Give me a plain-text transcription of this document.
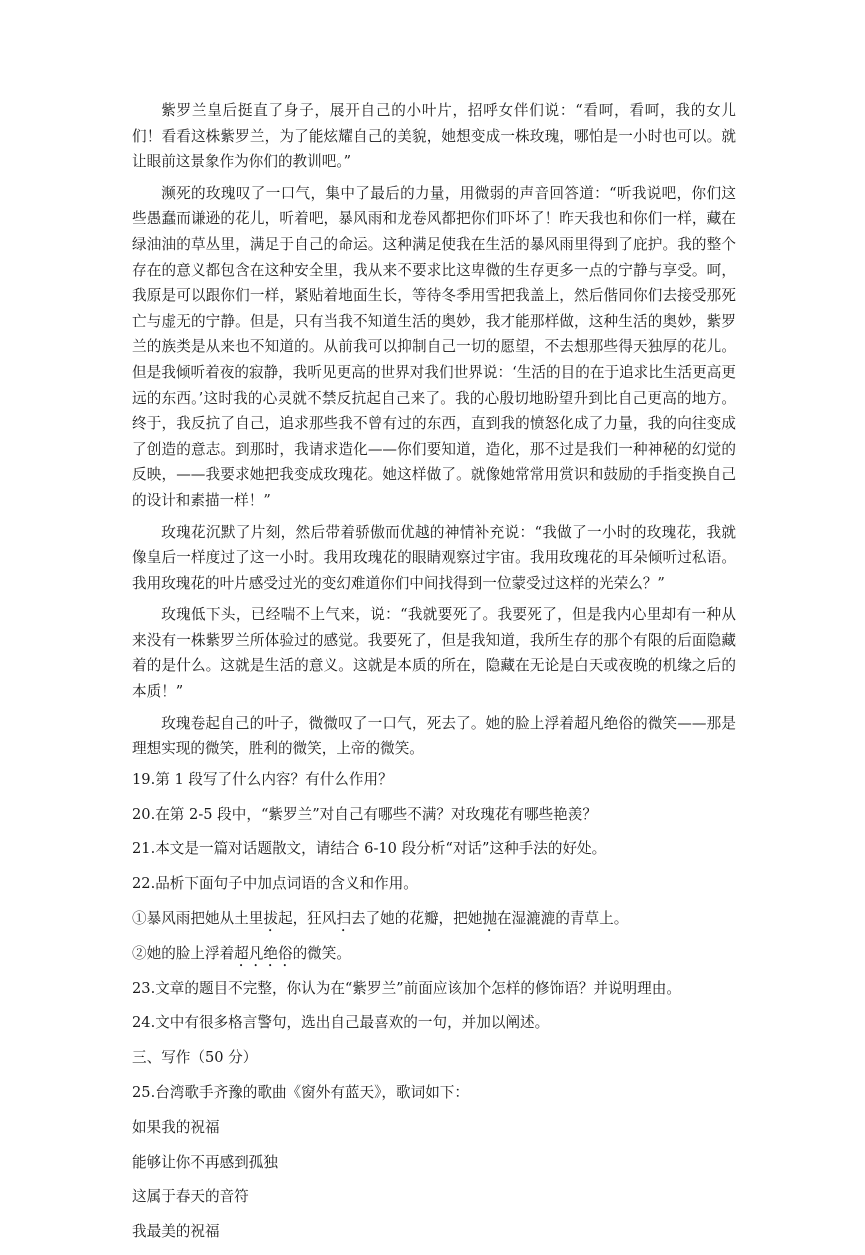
紫罗兰皇后挺直了身子，展开自己的小叶片，招呼女伴们说：“看呵，看呵，我的女儿们！看看这株紫罗兰，为了能炫耀自己的美貌，她想变成一株玫瑰，哪怕是一小时也可以。就让眼前这景象作为你们的教训吧。”

濒死的玫瑰叹了一口气，集中了最后的力量，用微弱的声音回答道：“听我说吧，你们这些愚蠢而谦逊的花儿，听着吧，暴风雨和龙卷风都把你们吓坏了！昨天我也和你们一样，藏在绿油油的草丛里，满足于自己的命运。这种满足使我在生活的暴风雨里得到了庇护。我的整个存在的意义都包含在这种安全里，我从来不要求比这卑微的生存更多一点的宁静与享受。呵，我原是可以跟你们一样，紧贴着地面生长，等待冬季用雪把我盖上，然后偕同你们去接受那死亡与虚无的宁静。但是，只有当我不知道生活的奥妙，我才能那样做，这种生活的奥妙，紫罗兰的族类是从来也不知道的。从前我可以抑制自己一切的愿望，不去想那些得天独厚的花儿。但是我倾听着夜的寂静，我听见更高的世界对我们世界说：‘生活的目的在于追求比生活更高更远的东西。’这时我的心灵就不禁反抗起自己来了。我的心殷切地盼望升到比自己更高的地方。终于，我反抗了自己，追求那些我不曾有过的东西，直到我的愤怒化成了力量，我的向往变成了创造的意志。到那时，我请求造化——你们要知道，造化，那不过是我们一种神秘的幻觉的反映，——我要求她把我变成玫瑰花。她这样做了。就像她常常用赏识和鼓励的手指变换自己的设计和素描一样！”

玫瑰花沉默了片刻，然后带着骄傲而优越的神情补充说：“我做了一小时的玫瑰花，我就像皇后一样度过了这一小时。我用玫瑰花的眼睛观察过宇宙。我用玫瑰花的耳朵倾听过私语。我用玫瑰花的叶片感受过光的变幻难道你们中间找得到一位蒙受过这样的光荣么？”

玫瑰低下头，已经喘不上气来，说：“我就要死了。我要死了，但是我内心里却有一种从来没有一株紫罗兰所体验过的感觉。我要死了，但是我知道，我所生存的那个有限的后面隐藏着的是什么。这就是生活的意义。这就是本质的所在，隐藏在无论是白天或夜晚的机缘之后的本质！”

玫瑰卷起自己的叶子，微微叹了一口气，死去了。她的脸上浮着超凡绝俗的微笑——那是理想实现的微笑，胜利的微笑，上帝的微笑。

19.第 1 段写了什么内容？有什么作用？

20.在第 2-5 段中，“紫罗兰”对自己有哪些不满？对玫瑰花有哪些艳羡？

21.本文是一篇对话题散文，请结合 6-10 段分析“对话”这种手法的好处。

22.品析下面句子中加点词语的含义和作用。

①暴风雨把她从土里拔起，狂风扫去了她的花瓣，把她抛在湿漉漉的青草上。

②她的脸上浮着超凡绝俗的微笑。

23.文章的题目不完整，你认为在“紫罗兰”前面应该加个怎样的修饰语？并说明理由。

24.文中有很多格言警句，选出自己最喜欢的一句，并加以阐述。

三、写作（50 分）

25.台湾歌手齐豫的歌曲《窗外有蓝天》，歌词如下：

如果我的祝福

能够让你不再感到孤独

这属于春天的音符

我最美的祝福
